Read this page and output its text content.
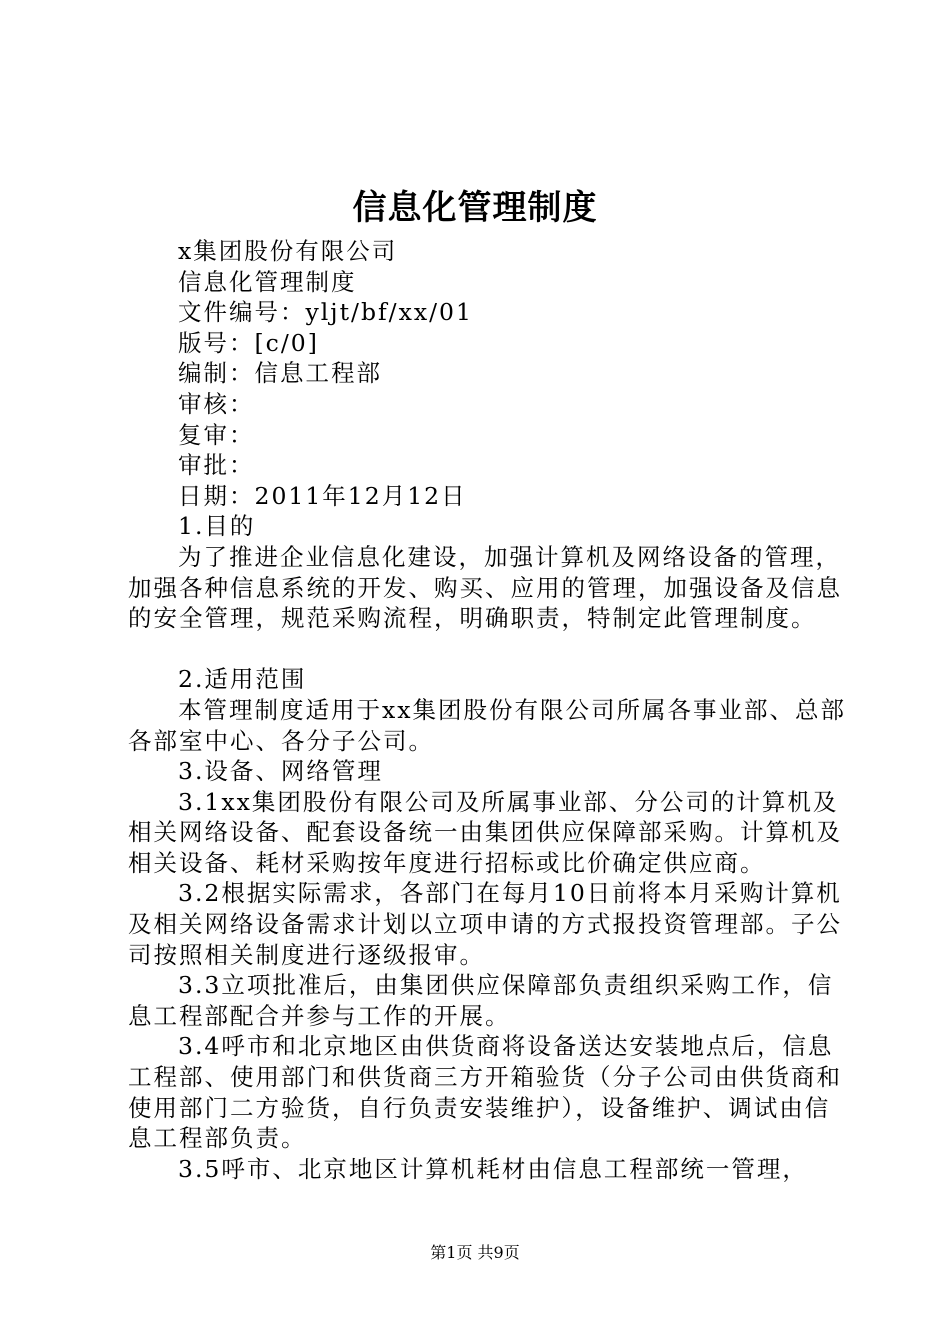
信息化管理制度
x集团股份有限公司
信息化管理制度
文件编号：yljt/bf/xx/01
版号：[c/0]
编制：信息工程部
审核：
复审：
审批：
日期：2011年12月12日
1.目的
为了推进企业信息化建设，加强计算机及网络设备的管理，加强各种信息系统的开发、购买、应用的管理，加强设备及信息的安全管理，规范采购流程，明确职责，特制定此管理制度。
2.适用范围
本管理制度适用于xx集团股份有限公司所属各事业部、总部各部室中心、各分子公司。
3.设备、网络管理
3.1xx集团股份有限公司及所属事业部、分公司的计算机及相关网络设备、配套设备统一由集团供应保障部采购。计算机及相关设备、耗材采购按年度进行招标或比价确定供应商。
3.2根据实际需求，各部门在每月10日前将本月采购计算机及相关网络设备需求计划以立项申请的方式报投资管理部。子公司按照相关制度进行逐级报审。
3.3立项批准后，由集团供应保障部负责组织采购工作，信息工程部配合并参与工作的开展。
3.4呼市和北京地区由供货商将设备送达安装地点后，信息工程部、使用部门和供货商三方开箱验货（分子公司由供货商和使用部门二方验货，自行负责安装维护），设备维护、调试由信息工程部负责。
3.5呼市、北京地区计算机耗材由信息工程部统一管理，
第1页 共9页
